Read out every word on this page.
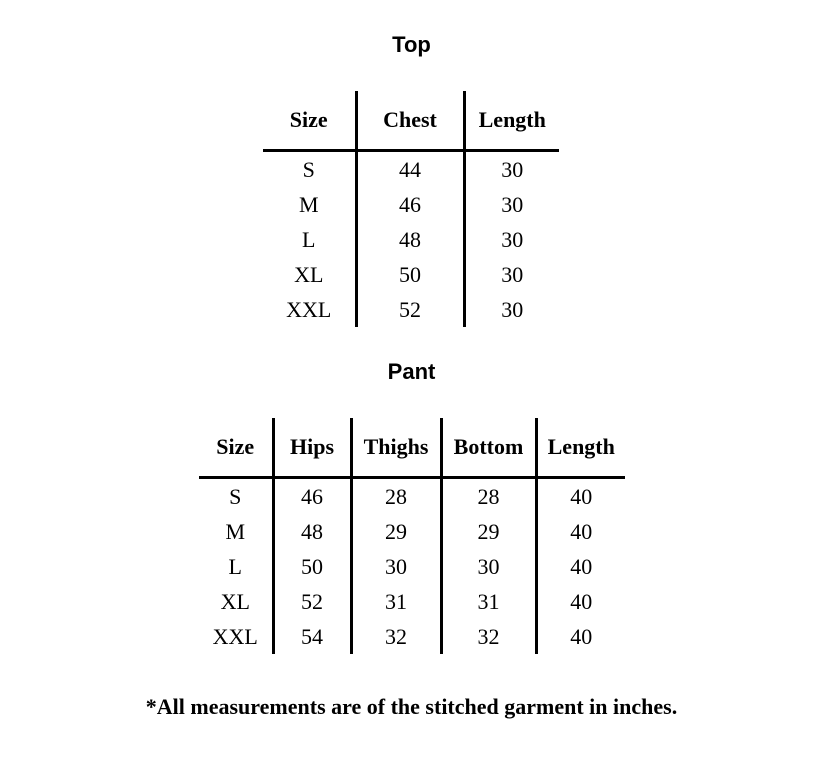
Top
Size	Chest	Length
S	44	30
M	46	30
L	48	30
XL	50	30
XXL	52	30
Pant
Size	Hips	Thighs	Bottom	Length
S	46	28	28	40
M	48	29	29	40
L	50	30	30	40
XL	52	31	31	40
XXL	54	32	32	40
*All measurements are of the stitched garment in inches.
